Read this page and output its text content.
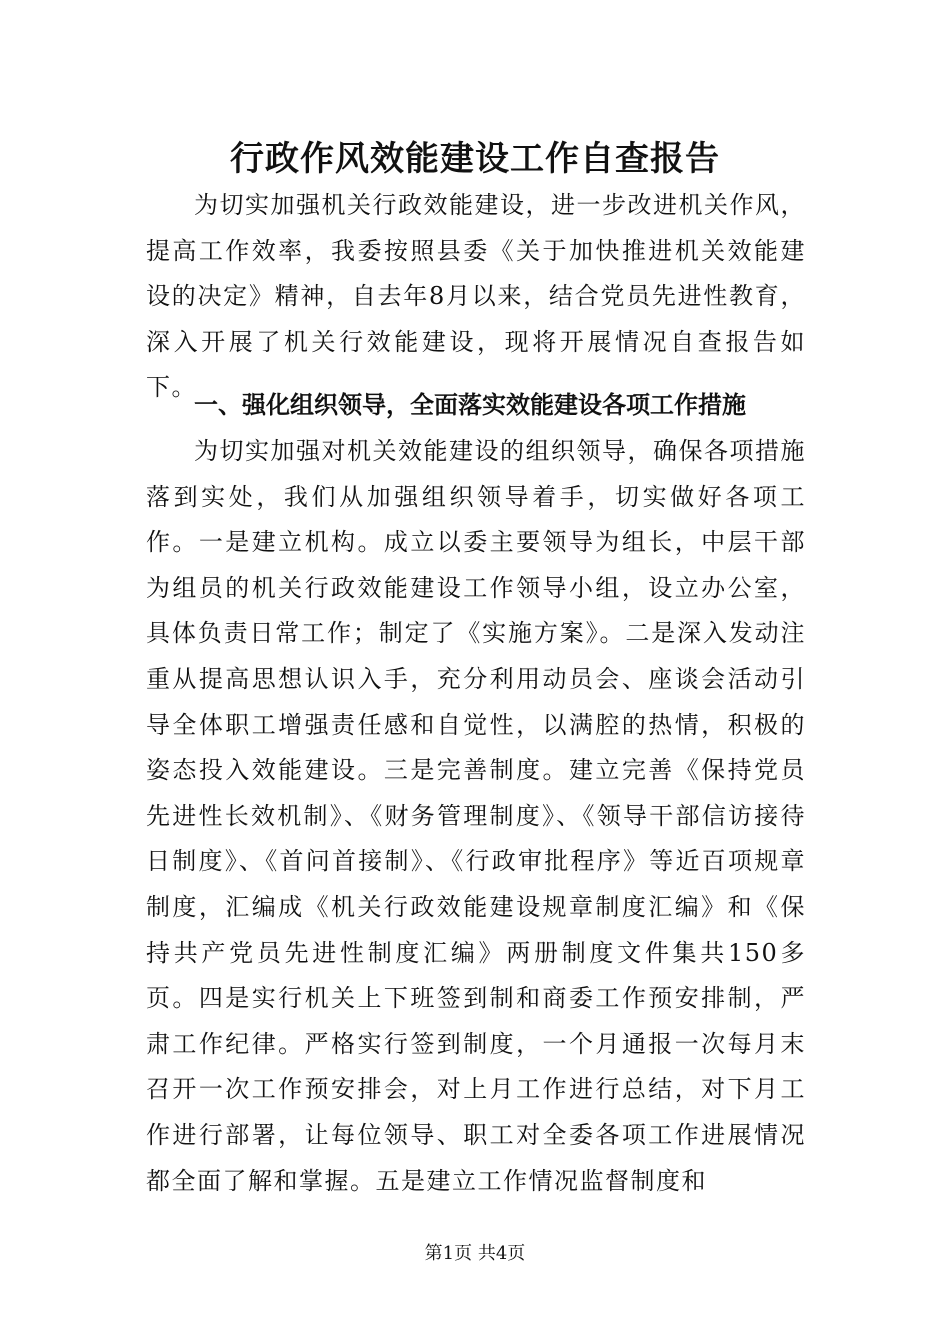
行政作风效能建设工作自查报告

为切实加强机关行政效能建设，进一步改进机关作风，提高工作效率，我委按照县委《关于加快推进机关效能建设的决定》精神，自去年8月以来，结合党员先进性教育，深入开展了机关行效能建设，现将开展情况自查报告如下。

一、强化组织领导，全面落实效能建设各项工作措施

为切实加强对机关效能建设的组织领导，确保各项措施落到实处，我们从加强组织领导着手，切实做好各项工作。一是建立机构。成立以委主要领导为组长，中层干部为组员的机关行政效能建设工作领导小组，设立办公室，具体负责日常工作；制定了《实施方案》。二是深入发动注重从提高思想认识入手，充分利用动员会、座谈会活动引导全体职工增强责任感和自觉性，以满腔的热情，积极的姿态投入效能建设。三是完善制度。建立完善《保持党员先进性长效机制》、《财务管理制度》、《领导干部信访接待日制度》、《首问首接制》、《行政审批程序》等近百项规章制度，汇编成《机关行政效能建设规章制度汇编》和《保持共产党员先进性制度汇编》两册制度文件集共150多页。四是实行机关上下班签到制和商委工作预安排制，严肃工作纪律。严格实行签到制度，一个月通报一次每月末召开一次工作预安排会，对上月工作进行总结，对下月工作进行部署，让每位领导、职工对全委各项工作进展情况都全面了解和掌握。五是建立工作情况监督制度和

第1页 共4页
